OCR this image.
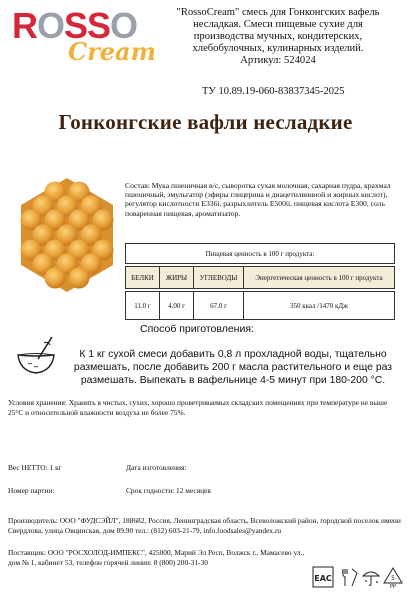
ROSSO
Cream
"RossoCream" смесь для Гонконгских вафель
несладкая. Смеси пищевые сухие для
производства мучных, кондитерских,
хлебобулочных, кулинарных изделий.
Артикул: 524024
ТУ 10.89.19-060-83837345-2025
Гонконгские вафли несладкие
Состав: Мука пшеничная в/с, сыворотка сухая молочная, сахарная пудра, крахмал пшеничный, эмульгатор (эфиры глицерина и диацетилвинной и жирных кислот), регулятор кислотности Е336i, разрыхлитель Е500ii, пищевая кислота Е300, соль поваренная пищевая, ароматизатор.
Пищевая ценность в 100 г продукта:			

БЕЛКИ	ЖИРЫ	УГЛЕВОДЫ	Энергетическая ценность в 100 г продукта

11.0 г	4.00 г	67.0 г	350 ккал /1470 кДж
Способ приготовления:
К 1 кг сухой смеси добавить 0,8 л прохладной воды, тщательно размешать, после добавить 200 г масла растительного и еще раз размешать. Выпекать в вафельнице 4-5 минут при 180-200 °С.
Условия хранения: Хранить в чистых, сухих, хорошо проветриваемых складских помещениях при температуре не выше 25°С и относительной влажности воздуха не более 75%.
Вес НЕТТО: 1 кг	Дата изготовления:
Номер партии:	Срок годности: 12 месяцев
Производитель: ООО "ФУДСЭЙЛ", 188682, Россия, Ленинградская область, Всеволожский район, городской поселок имени Свердлова, улица Овцинская, дом 89.90 тел.: (812) 603-21-79, info.foodsales@yandex.ru
Поставщик: ООО "РОСХОЛОД-ИМПЕКС", 425000, Марий Эл Респ, Волжск г., Мамасево ул., дом № 1, кабинет 53, телефон горячей линии: 8 (800) 200-31-30
EAC	5
PP
